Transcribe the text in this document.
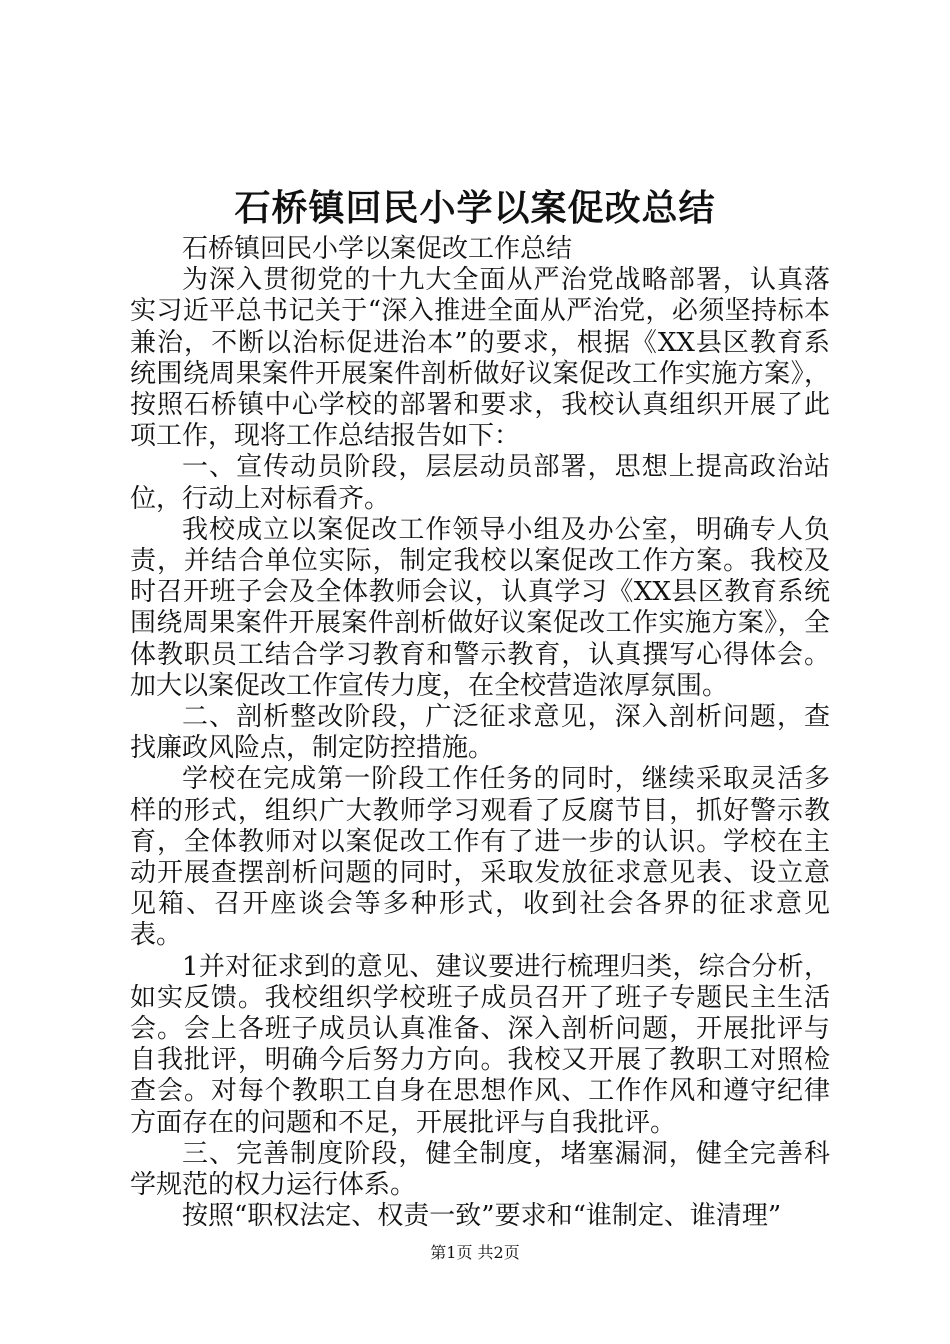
石桥镇回民小学以案促改总结

石桥镇回民小学以案促改工作总结

为深入贯彻党的十九大全面从严治党战略部署，认真落实习近平总书记关于“深入推进全面从严治党，必须坚持标本兼治，不断以治标促进治本”的要求，根据《XX县区教育系统围绕周果案件开展案件剖析做好议案促改工作实施方案》，按照石桥镇中心学校的部署和要求，我校认真组织开展了此项工作，现将工作总结报告如下：

一、宣传动员阶段，层层动员部署，思想上提高政治站位，行动上对标看齐。

我校成立以案促改工作领导小组及办公室，明确专人负责，并结合单位实际，制定我校以案促改工作方案。我校及时召开班子会及全体教师会议，认真学习《XX县区教育系统围绕周果案件开展案件剖析做好议案促改工作实施方案》，全体教职员工结合学习教育和警示教育，认真撰写心得体会。加大以案促改工作宣传力度，在全校营造浓厚氛围。

二、剖析整改阶段，广泛征求意见，深入剖析问题，查找廉政风险点，制定防控措施。

学校在完成第一阶段工作任务的同时，继续采取灵活多样的形式，组织广大教师学习观看了反腐节目，抓好警示教育，全体教师对以案促改工作有了进一步的认识。学校在主动开展查摆剖析问题的同时，采取发放征求意见表、设立意见箱、召开座谈会等多种形式，收到社会各界的征求意见表。

1并对征求到的意见、建议要进行梳理归类，综合分析，如实反馈。我校组织学校班子成员召开了班子专题民主生活会。会上各班子成员认真准备、深入剖析问题，开展批评与自我批评，明确今后努力方向。我校又开展了教职工对照检查会。对每个教职工自身在思想作风、工作作风和遵守纪律方面存在的问题和不足，开展批评与自我批评。

三、完善制度阶段，健全制度，堵塞漏洞，健全完善科学规范的权力运行体系。

按照“职权法定、权责一致”要求和“谁制定、谁清理”

第1页 共2页
